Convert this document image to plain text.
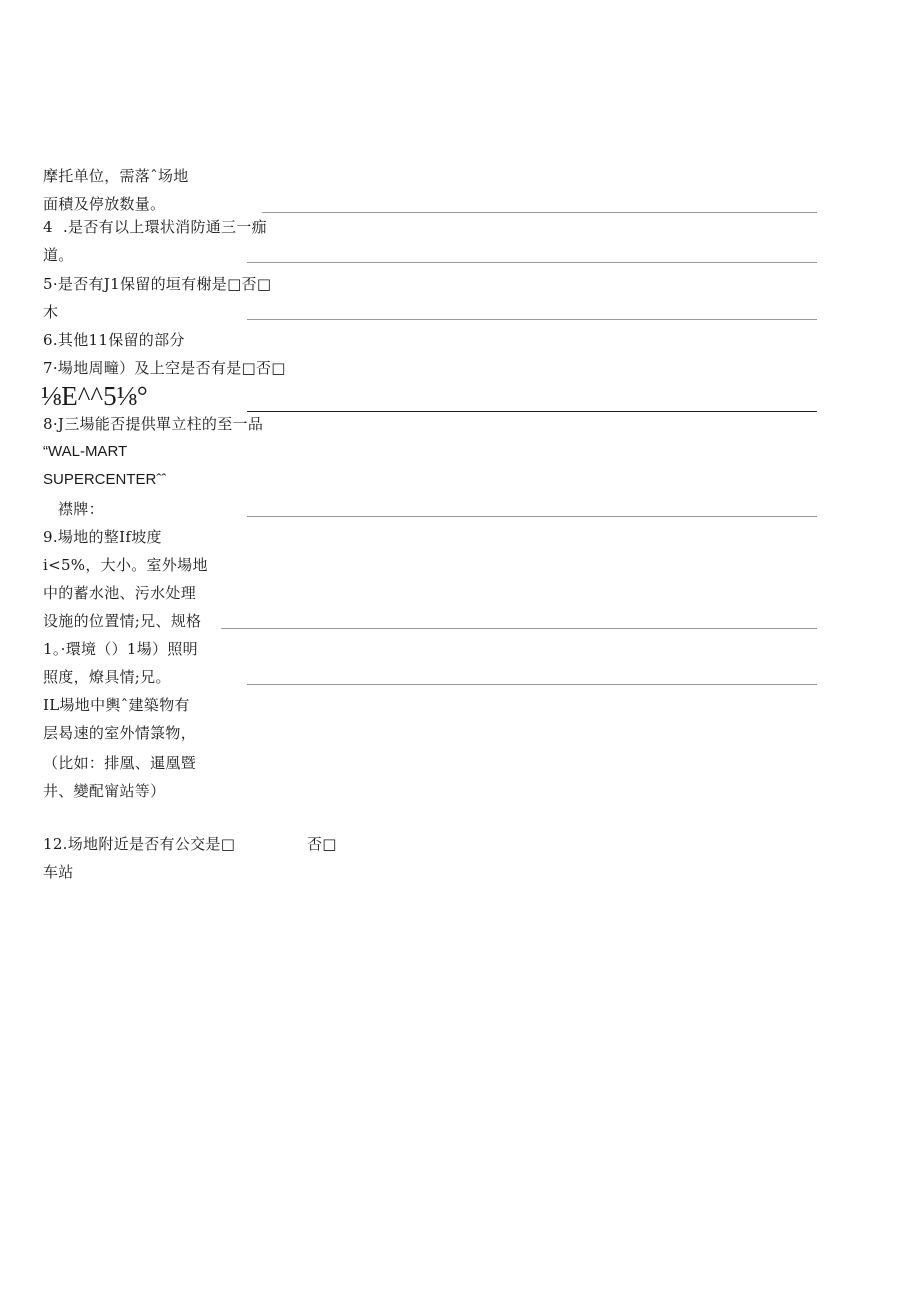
摩托单位，需落ˆ场地
面積及停放数量。
4  .是否有以上環状消防通三一痂
道。
5·是否有J1保留的垣有榭是□否□
木
6.其他11保留的部分
7·場地周疃）及上空是否有是□否□
⅛E^^5⅛°
8·J三場能否提供單立柱的至一品
“WAL-MART
SUPERCENTERˆˆ
襟牌：
9.場地的整If坡度
i<5%，大小。室外場地
中的蓄水池、污水处理
设施的位置情;兄、规格
1。·環境（）1場）照明
照度，燎具情;兄。
IL場地中輿ˆ建築物有
层曷速的室外情箓物，
（比如：排凰、暹凰暨
井、變配甯站等）
12.场地附近是否有公交是□	否□
车站
